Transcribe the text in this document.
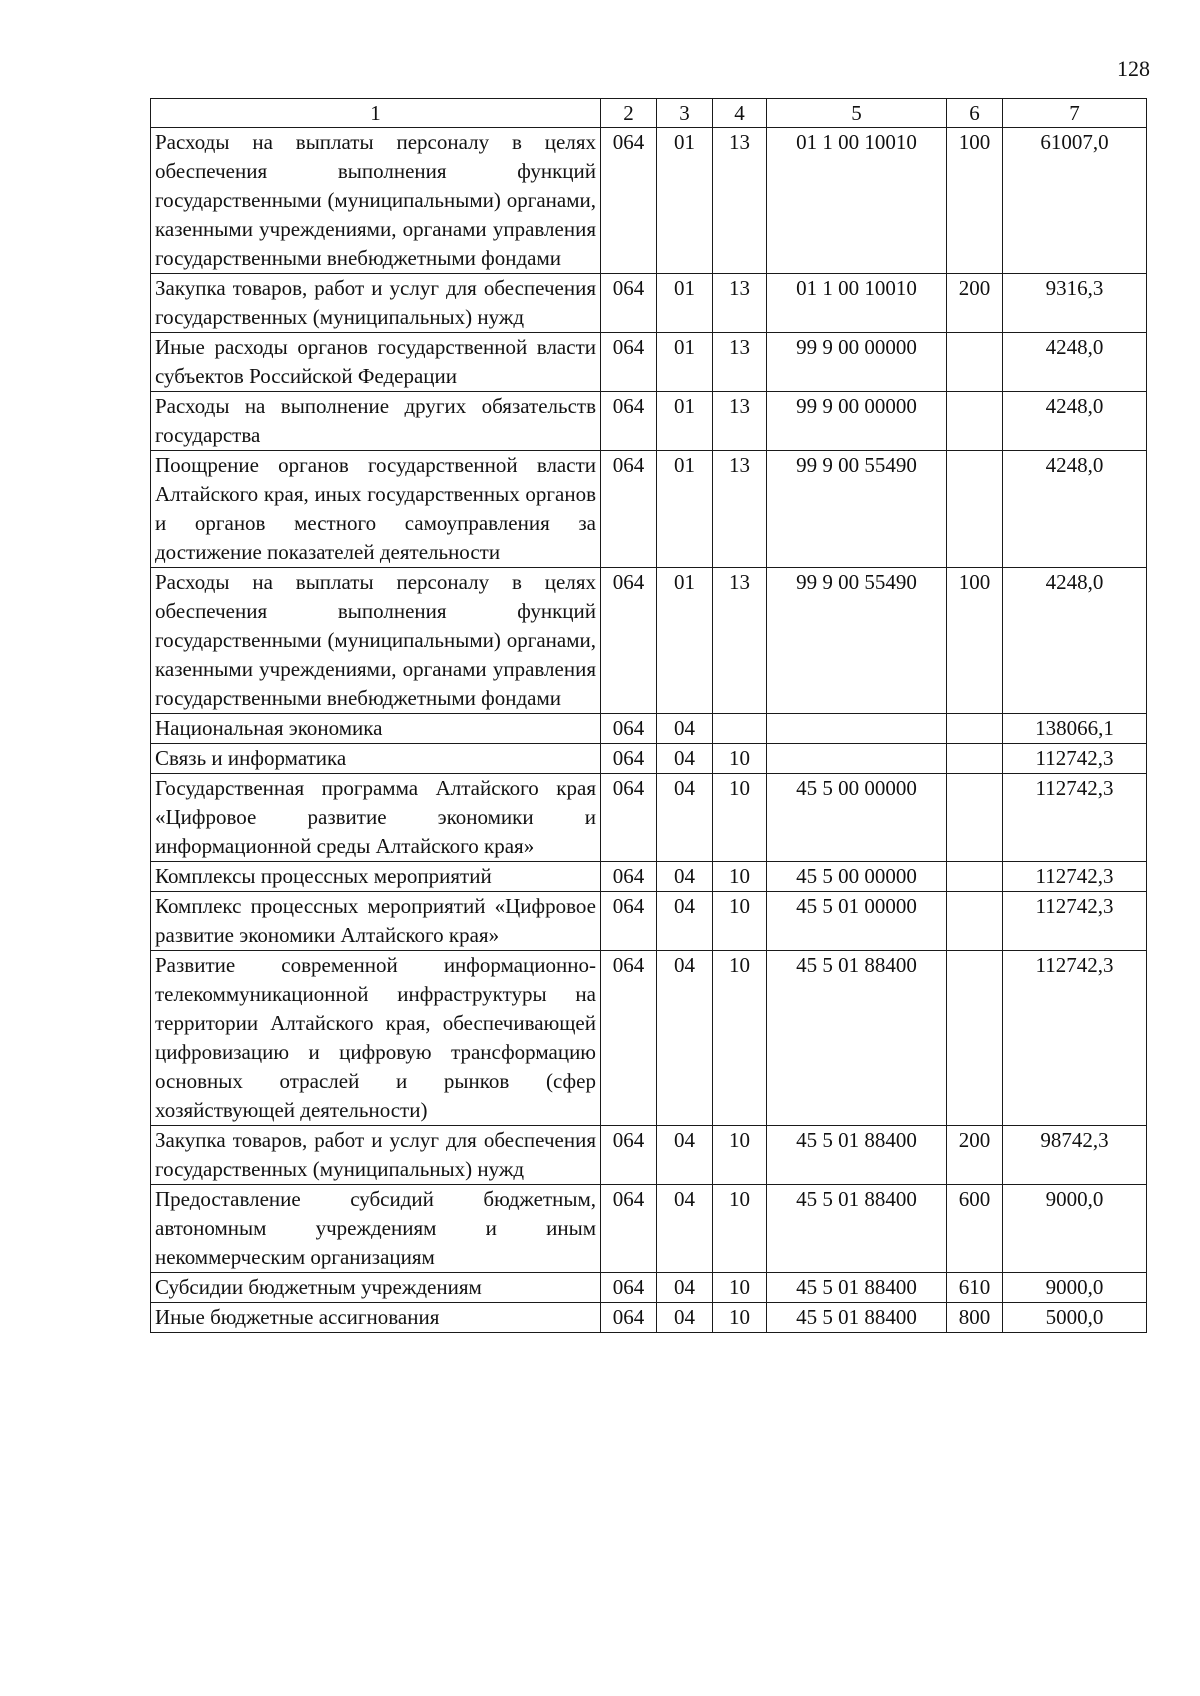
128
1	2	3	4	5	6	7
Расходы на выплаты персоналу в целях обеспечения выполнения функций государственными (муниципальными) органами, казенными учреждениями, органами управления государственными внебюджетными фондами	064	01	13	01 1 00 10010	100	61007,0
Закупка товаров, работ и услуг для обеспечения государственных (муниципальных) нужд	064	01	13	01 1 00 10010	200	9316,3
Иные расходы органов государственной власти субъектов Российской Федерации	064	01	13	99 9 00 00000		4248,0
Расходы на выполнение других обязательств государства	064	01	13	99 9 00 00000		4248,0
Поощрение органов государственной власти Алтайского края, иных государственных органов и органов местного самоуправления за достижение показателей деятельности	064	01	13	99 9 00 55490		4248,0
Расходы на выплаты персоналу в целях обеспечения выполнения функций государственными (муниципальными) органами, казенными учреждениями, органами управления государственными внебюджетными фондами	064	01	13	99 9 00 55490	100	4248,0
Национальная экономика	064	04				138066,1
Связь и информатика	064	04	10			112742,3
Государственная программа Алтайского края «Цифровое развитие экономики и информационной среды Алтайского края»	064	04	10	45 5 00 00000		112742,3
Комплексы процессных мероприятий	064	04	10	45 5 00 00000		112742,3
Комплекс процессных мероприятий «Цифровое развитие экономики Алтайского края»	064	04	10	45 5 01 00000		112742,3
Развитие современной информационно-телекоммуникационной инфраструктуры на территории Алтайского края, обеспечивающей цифровизацию и цифровую трансформацию основных отраслей и рынков (сфер хозяйствующей деятельности)	064	04	10	45 5 01 88400		112742,3
Закупка товаров, работ и услуг для обеспечения государственных (муниципальных) нужд	064	04	10	45 5 01 88400	200	98742,3
Предоставление субсидий бюджетным, автономным учреждениям и иным некоммерческим организациям	064	04	10	45 5 01 88400	600	9000,0
Субсидии бюджетным учреждениям	064	04	10	45 5 01 88400	610	9000,0
Иные бюджетные ассигнования	064	04	10	45 5 01 88400	800	5000,0
